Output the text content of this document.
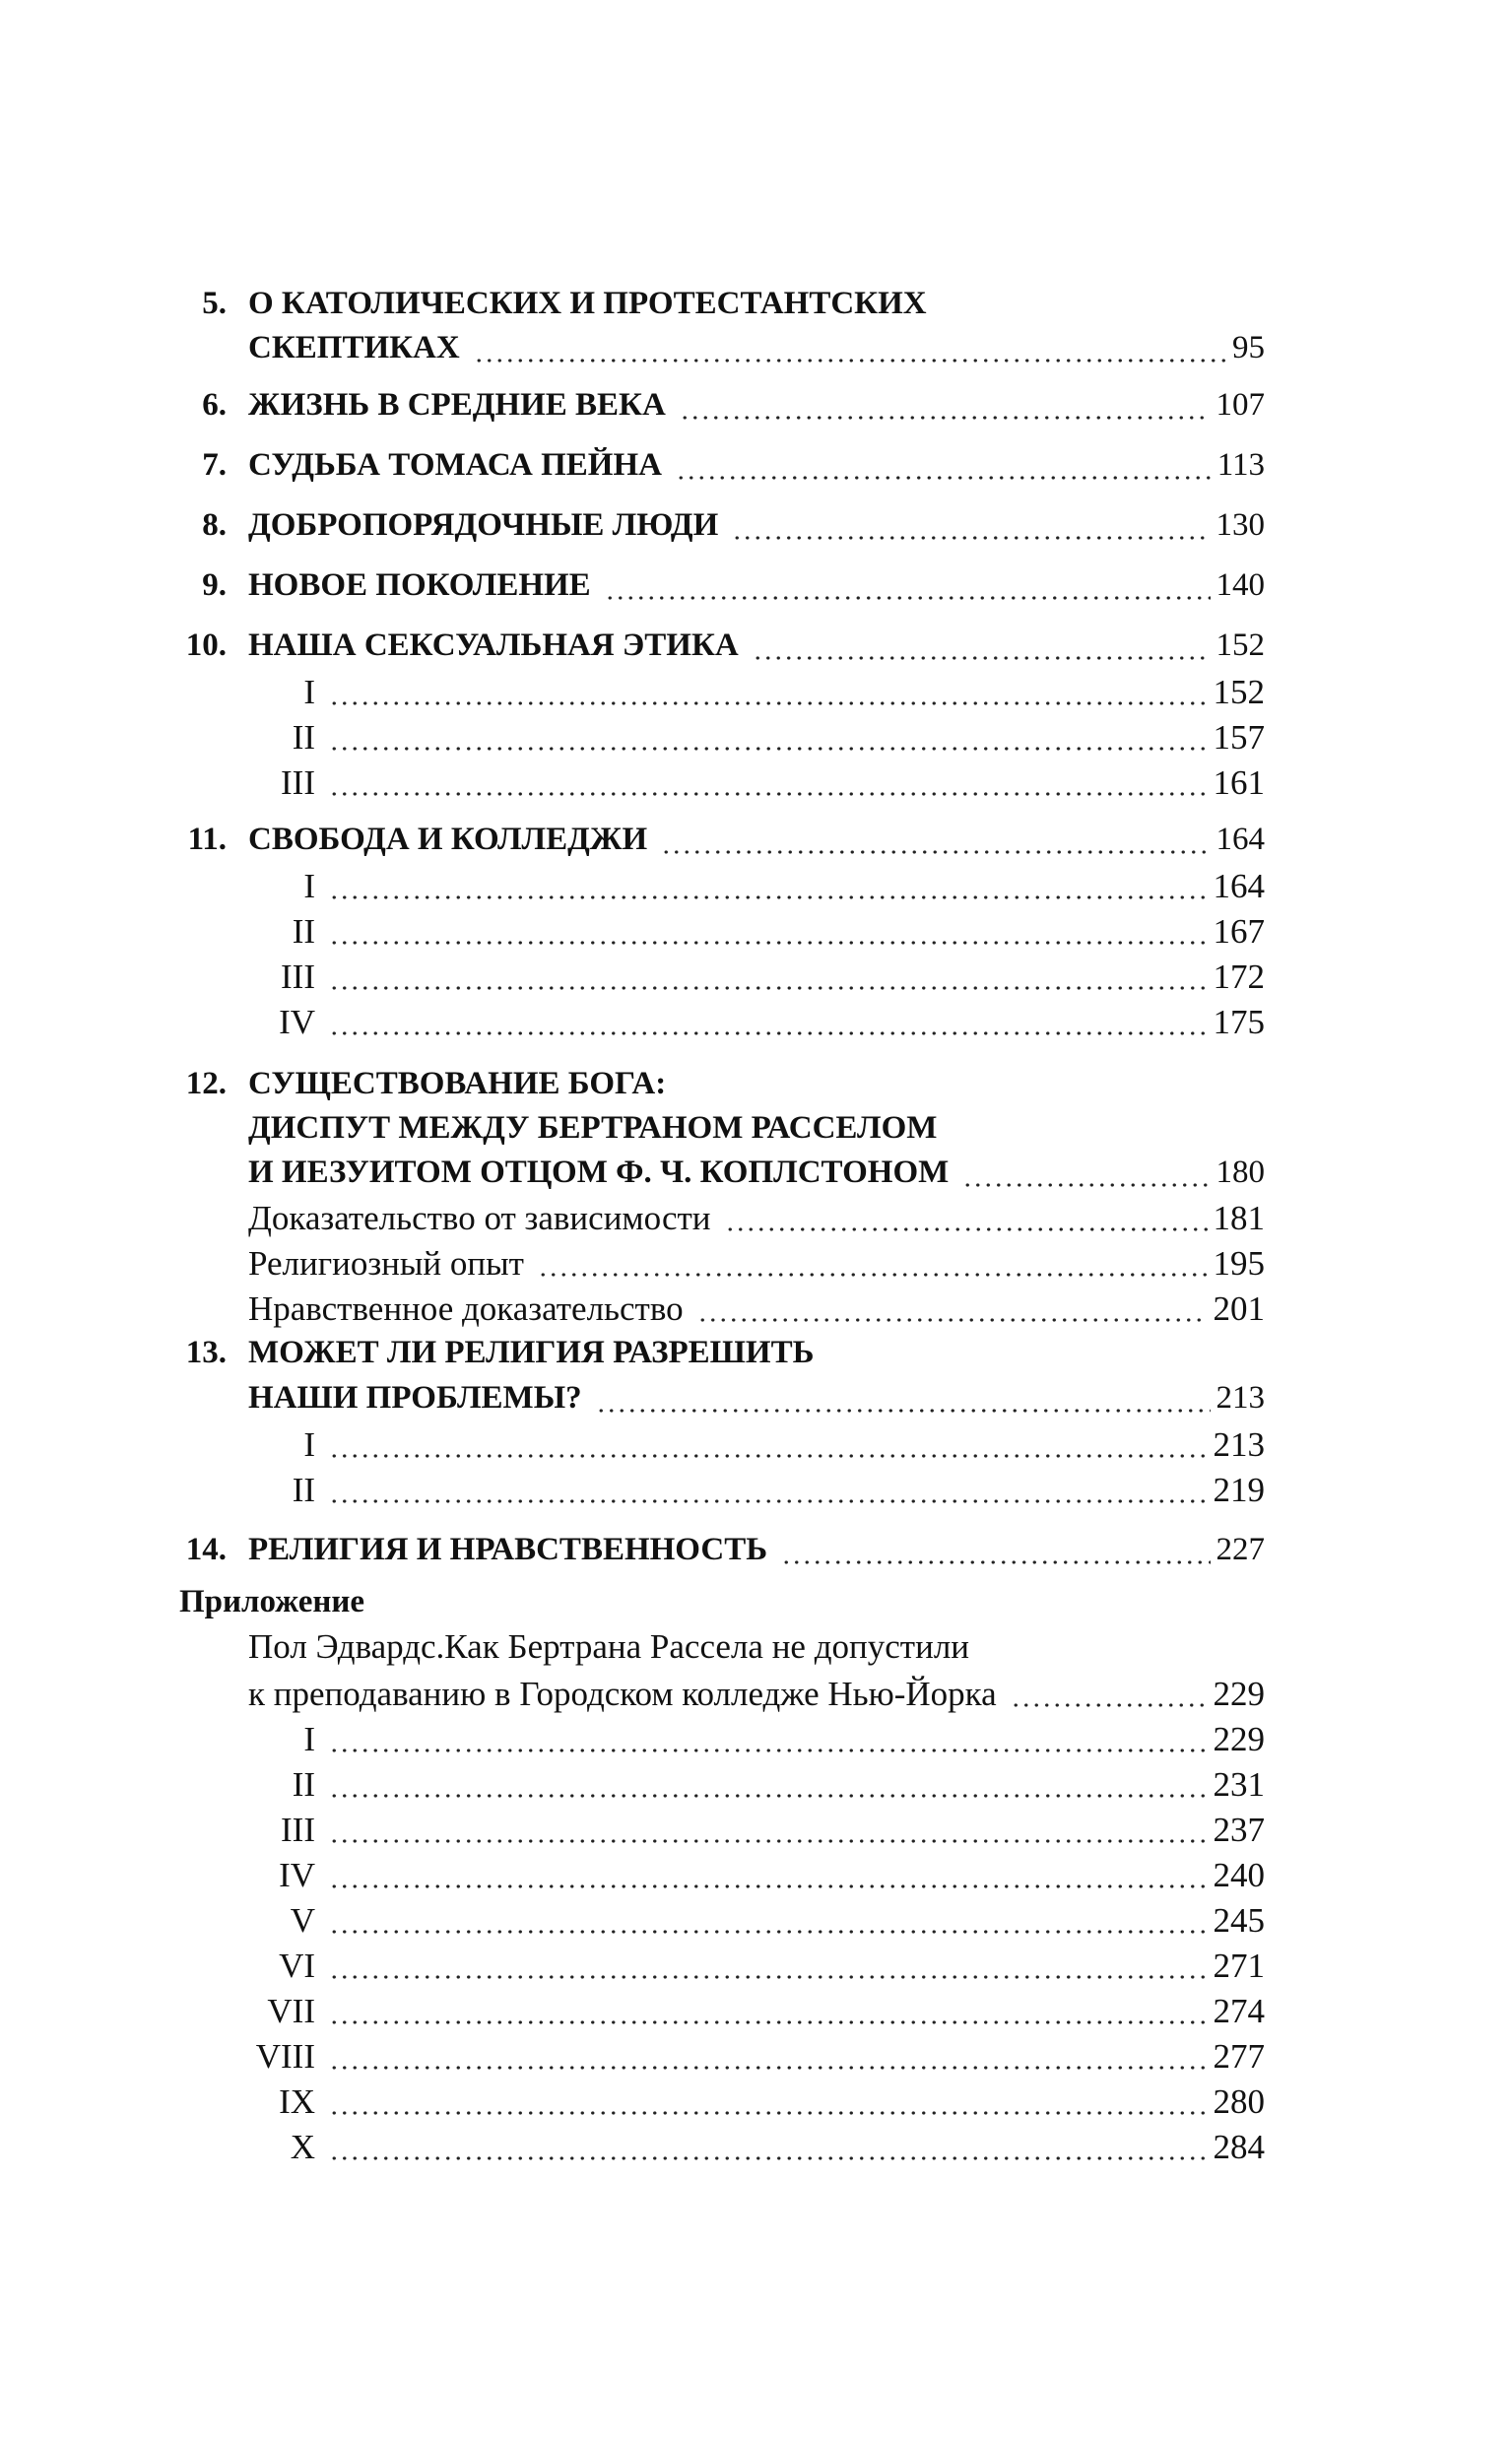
5. О КАТОЛИЧЕСКИХ И ПРОТЕСТАНТСКИХ
СКЕПТИКАХ	95
6. ЖИЗНЬ В СРЕДНИЕ ВЕКА	107
7. СУДЬБА ТОМАСА ПЕЙНА	113
8. ДОБРОПОРЯДОЧНЫЕ ЛЮДИ	130
9. НОВОЕ ПОКОЛЕНИЕ	140
10. НАША СЕКСУАЛЬНАЯ ЭТИКА	152
I	152
II	157
III	161
11. СВОБОДА И КОЛЛЕДЖИ	164
I	164
II	167
III	172
IV	175
12. СУЩЕСТВОВАНИЕ БОГА:
ДИСПУТ МЕЖДУ БЕРТРАНОМ РАССЕЛОМ
И ИЕЗУИТОМ ОТЦОМ Ф. Ч. КОПЛСТОНОМ	180
Доказательство от зависимости	181
Религиозный опыт	195
Нравственное доказательство	201
13. МОЖЕТ ЛИ РЕЛИГИЯ РАЗРЕШИТЬ
НАШИ ПРОБЛЕМЫ?	213
I	213
II	219
14. РЕЛИГИЯ И НРАВСТВЕННОСТЬ	227
Приложение
Пол Эдвардс.Как Бертрана Рассела не допустили
к преподаванию в Городском колледже Нью-Йорка	229
I	229
II	231
III	237
IV	240
V	245
VI	271
VII	274
VIII	277
IX	280
X	284
